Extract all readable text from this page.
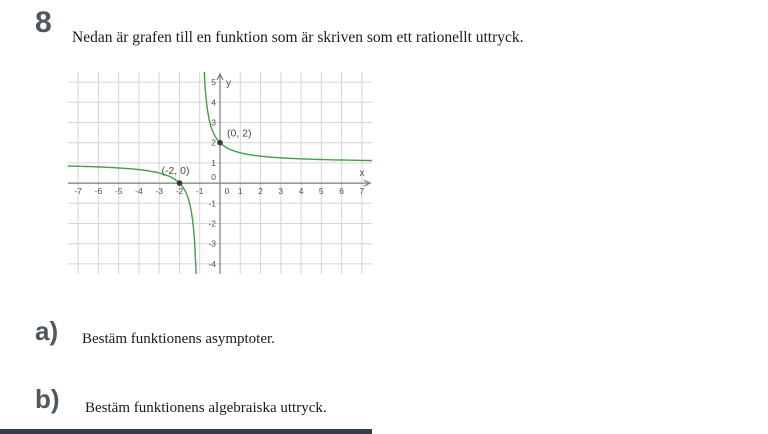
8 Nedan är grafen till en funktion som är skriven som ett rationellt uttryck.
x
y
-7 -6 -5 -4 -3 -2 -1 0 1 2 3 4 5 6 7
-4
-3
-2
-1
0
1
2
3
4
5
(0, 2)
(-2, 0)
a) Bestäm funktionens asymptoter.
b) Bestäm funktionens algebraiska uttryck.
